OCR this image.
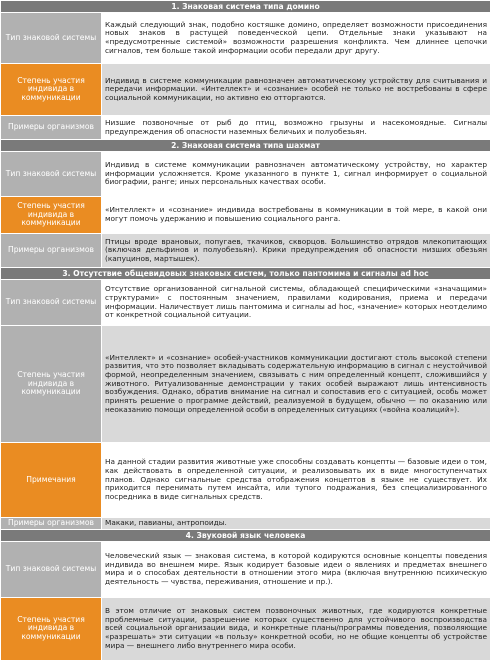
1. Знаковая система типа домино	
Тип знаковой системы	Каждый следующий знак, подобно костяшке домино, определяет возможности присоединения новых знаков в растущей поведенческой цепи. Отдельные знаки указывают на «предусмотренные системой» возможности разрешения конфликта. Чем длиннее цепочки сигналов, тем больше такой информации особи передали друг другу.
Степень участия индивида в коммуникации	Индивид в системе коммуникации равнозначен автоматическому устройству для считывания и передачи информации. «Интеллект» и «сознание» особей не только не востребованы в сфере социальной коммуникации, но активно ею отторгаются.
Примеры организмов	Низшие позвоночные от рыб до птиц, возможно грызуны и насекомоядные. Сигналы предупреждения об опасности наземных беличьих и полуобезьян.
2. Знаковая система типа шахмат	
Тип знаковой системы	Индивид в системе коммуникации равнозначен автоматическому устройству, но характер информации усложняется. Кроме указанного в пункте 1, сигнал информирует о социальной биографии, ранге; иных персональных качествах особи.
Степень участия индивида в коммуникации	«Интеллект» и «сознание» индивида востребованы в коммуникации в той мере, в какой они могут помочь удержанию и повышению социального ранга.
Примеры организмов	Птицы вроде врановых, попугаев, ткачиков, скворцов. Большинство отрядов млекопитающих (включая дельфинов и полуобезьян). Крики предупреждения об опасности низших обезьян (капуцинов, мартышек).
3. Отсутствие общевидовых знаковых систем, только пантомима и сигналы ad hoc	
Тип знаковой системы	Отсутствие организованной сигнальной системы, обладающей специфическими «значащими» структурами» с постоянным значением, правилами кодирования, приема и передачи информации. Наличествует лишь пантомима и сигналы ad hoc, «значение» которых неотделимо от конкретной социальной ситуации.
Степень участия индивида в коммуникации	«Интеллект» и «сознание» особей-участников коммуникации достигают столь высокой степени развития, что это позволяет вкладывать содержательную информацию в сигнал с неустойчивой формой, неопределенным значением, связывать с ним определенный концепт, сложившийся у животного. Ритуализованные демонстрации у таких особей выражают лишь интенсивность возбуждения. Однако, обратив внимание на сигнал и сопоставив его с ситуацией, особь может принять решение о программе действий, реализуемой в будущем, обычно — по оказанию или неоказанию помощи определенной особи в определенных ситуациях («война коалиций»).
Примечания	На данной стадии развития животные уже способны создавать концепты — базовые идеи о том, как действовать в определенной ситуации, и реализовывать их в виде многоступенчатых планов. Однако сигнальные средства отображения концептов в языке не существует. Их приходится перенимать путем инсайта, или тупого подражания, без специализированного посредника в виде сигнальных средств.
Примеры организмов	Макаки, павианы, антропоиды.
4. Звуковой язык человека	
Тип знаковой системы	Человеческий язык — знаковая система, в которой кодируются основные концепты поведения индивида во внешнем мире. Язык кодирует базовые идеи о явлениях и предметах внешнего мира и о способах деятельности в отношении этого мира (включая внутреннюю психическую деятельность — чувства, переживания, отношение и пр.).
Степень участия индивида в коммуникации	В этом отличие от знаковых систем позвоночных животных, где кодируются конкретные проблемные ситуации, разрешение которых существенно для устойчивого воспроизводства всей социальной организации вида, и конкретные планы/программы поведения, позволяющие «разрешать» эти ситуации «в пользу» конкретной особи, но не общие концепты об устройстве мира — внешнего либо внутреннего мира особи.
